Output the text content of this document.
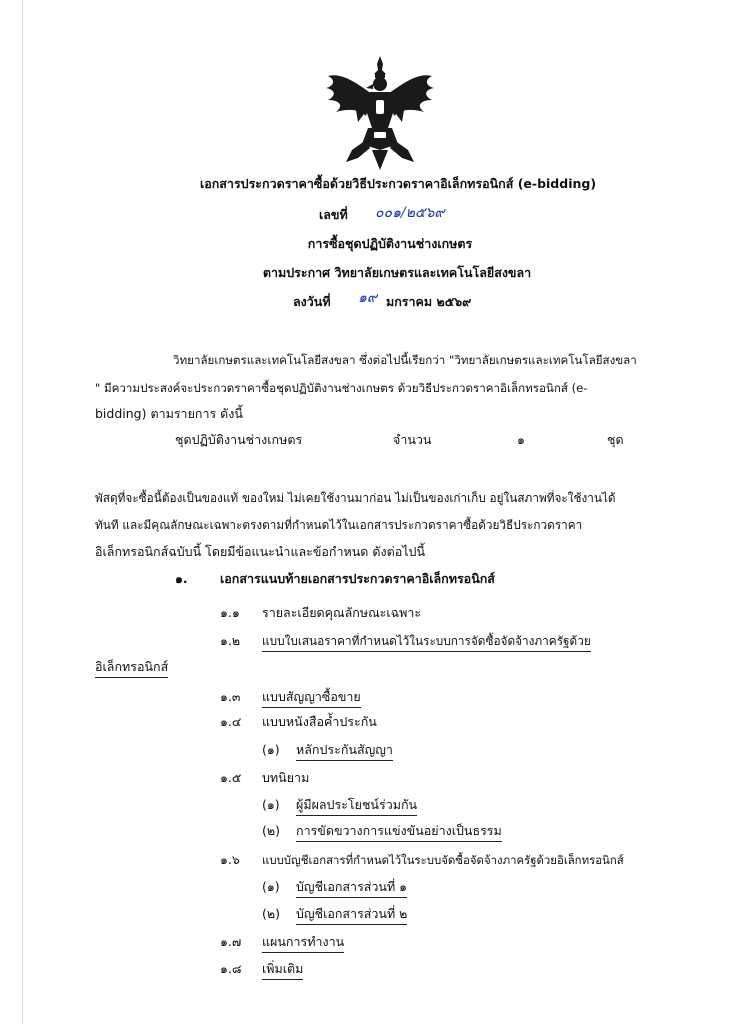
เอกสารประกวดราคาซื้อด้วยวิธีประกวดราคาอิเล็กทรอนิกส์ (e-bidding)
เลขที่ ๐๐๑/๒๕๖๙
การซื้อชุดปฏิบัติงานช่างเกษตร
ตามประกาศ วิทยาลัยเกษตรและเทคโนโลยีสงขลา
ลงวันที่ ๑๙ มกราคม ๒๕๖๙
วิทยาลัยเกษตรและเทคโนโลยีสงขลา ซึ่งต่อไปนี้เรียกว่า "วิทยาลัยเกษตรและเทคโนโลยีสงขลา
" มีความประสงค์จะประกวดราคาซื้อชุดปฏิบัติงานช่างเกษตร ด้วยวิธีประกวดราคาอิเล็กทรอนิกส์ (e-
bidding) ตามรายการ ดังนี้
ชุดปฏิบัติงานช่างเกษตร	จำนวน	๑	ชุด
พัสดุที่จะซื้อนี้ต้องเป็นของแท้ ของใหม่ ไม่เคยใช้งานมาก่อน ไม่เป็นของเก่าเก็บ อยู่ในสภาพที่จะใช้งานได้
ทันที และมีคุณลักษณะเฉพาะตรงตามที่กำหนดไว้ในเอกสารประกวดราคาซื้อด้วยวิธีประกวดราคา
อิเล็กทรอนิกส์ฉบับนี้ โดยมีข้อแนะนำและข้อกำหนด ดังต่อไปนี้
๑.	เอกสารแนบท้ายเอกสารประกวดราคาอิเล็กทรอนิกส์
๑.๑ รายละเอียดคุณลักษณะเฉพาะ
๑.๒ แบบใบเสนอราคาที่กำหนดไว้ในระบบการจัดซื้อจัดจ้างภาครัฐด้วย
อิเล็กทรอนิกส์
๑.๓ แบบสัญญาซื้อขาย
๑.๔ แบบหนังสือค้ำประกัน
(๑) หลักประกันสัญญา
๑.๕ บทนิยาม
(๑) ผู้มีผลประโยชน์ร่วมกัน
(๒) การขัดขวางการแข่งขันอย่างเป็นธรรม
๑.๖ แบบบัญชีเอกสารที่กำหนดไว้ในระบบจัดซื้อจัดจ้างภาครัฐด้วยอิเล็กทรอนิกส์
(๑) บัญชีเอกสารส่วนที่ ๑
(๒) บัญชีเอกสารส่วนที่ ๒
๑.๗ แผนการทำงาน
๑.๘ เพิ่มเติม
